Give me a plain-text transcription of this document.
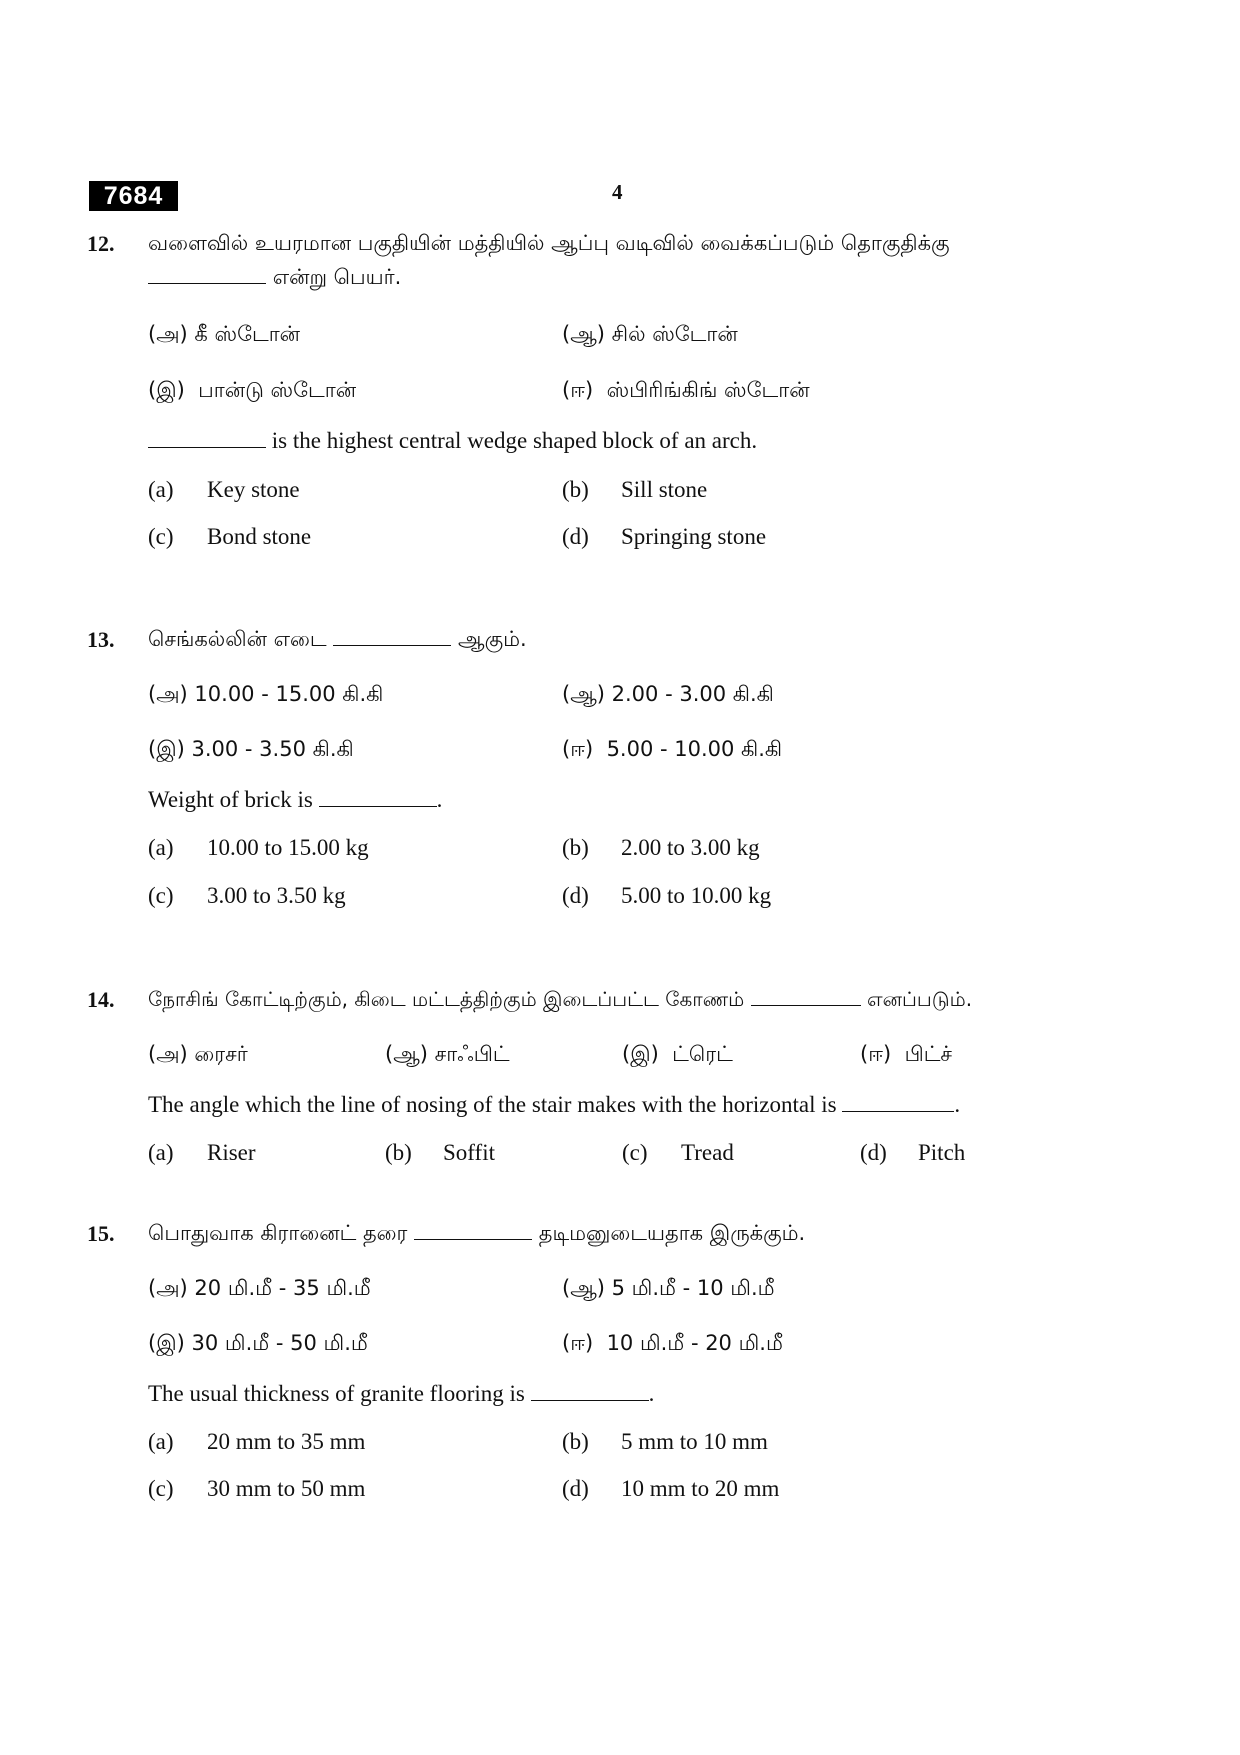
7684	4
12. வளைவில் உயரமான பகுதியின் மத்தியில் ஆப்பு வடிவில் வைக்கப்படும் தொகுதிக்கு
என்று பெயர்.
(அ) கீ ஸ்டோன்	(ஆ) சில் ஸ்டோன்
(இ) பான்டு ஸ்டோன்	(ஈ) ஸ்பிரிங்கிங் ஸ்டோன்
is the highest central wedge shaped block of an arch.
(a) Key stone	(b) Sill stone
(c) Bond stone	(d) Springing stone
13. செங்கல்லின் எடை	ஆகும்.
(அ) 10.00 - 15.00 கி.கி	(ஆ) 2.00 - 3.00 கி.கி
(இ) 3.00 - 3.50 கி.கி	(ஈ) 5.00 - 10.00 கி.கி
Weight of brick is	.
(a) 10.00 to 15.00 kg	(b) 2.00 to 3.00 kg
(c) 3.00 to 3.50 kg	(d) 5.00 to 10.00 kg
14. நோசிங் கோட்டிற்கும், கிடை மட்டத்திற்கும் இடைப்பட்ட கோணம்	எனப்படும்.
(அ) ரைசர்	(ஆ) சாஃபிட்	(இ) ட்ரெட்	(ஈ) பிட்ச்
The angle which the line of nosing of the stair makes with the horizontal is	.
(a) Riser	(b) Soffit	(c) Tread	(d) Pitch
15. பொதுவாக கிரானைட் தரை	தடிமனுடையதாக இருக்கும்.
(அ) 20 மி.மீ - 35 மி.மீ	(ஆ) 5 மி.மீ - 10 மி.மீ
(இ) 30 மி.மீ - 50 மி.மீ	(ஈ) 10 மி.மீ - 20 மி.மீ
The usual thickness of granite flooring is	.
(a) 20 mm to 35 mm	(b) 5 mm to 10 mm
(c) 30 mm to 50 mm	(d) 10 mm to 20 mm
